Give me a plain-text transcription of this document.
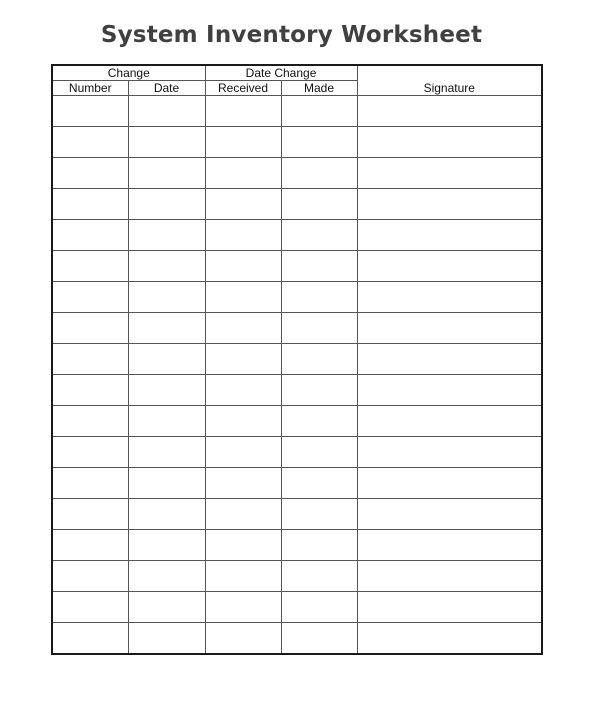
System Inventory Worksheet
Change		Date Change		Signature
Number	Date	Received	Made	
